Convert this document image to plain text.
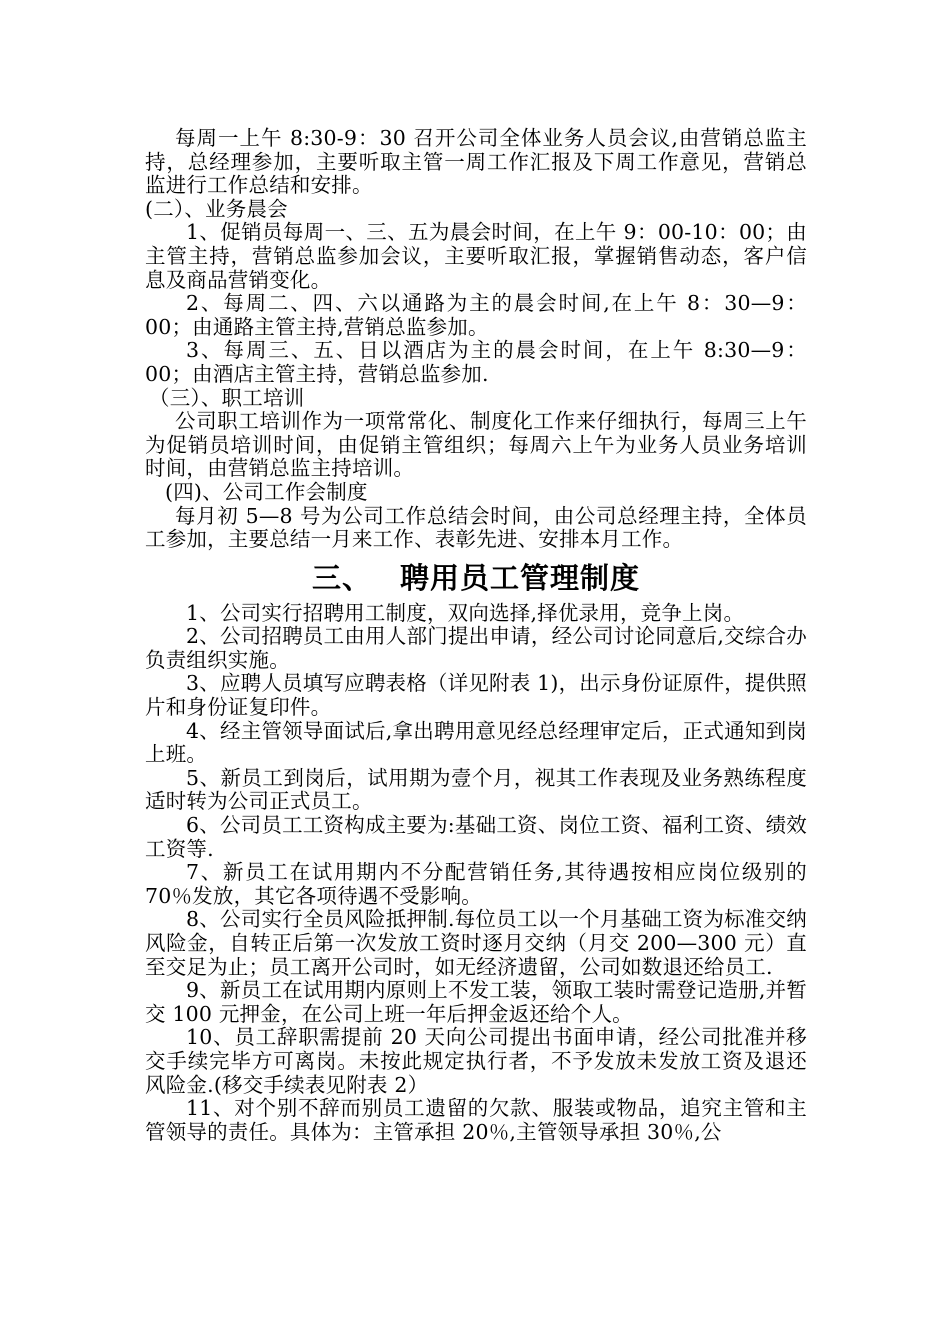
每周一上午 8:30-9：30 召开公司全体业务人员会议,由营销总监主持，总经理参加，主要听取主管一周工作汇报及下周工作意见，营销总监进行工作总结和安排。

(二）、业务晨会

1、促销员每周一、三、五为晨会时间，在上午 9：00-10：00；由主管主持，营销总监参加会议，主要听取汇报，掌握销售动态，客户信息及商品营销变化。

2、每周二、四、六以通路为主的晨会时间,在上午 8：30—9：00；由通路主管主持,营销总监参加。

3、每周三、五、日以酒店为主的晨会时间，在上午 8:30—9：00；由酒店主管主持，营销总监参加.

（三）、职工培训

公司职工培训作为一项常常化、制度化工作来仔细执行，每周三上午为促销员培训时间，由促销主管组织；每周六上午为业务人员业务培训时间，由营销总监主持培训。

(四)、公司工作会制度

每月初 5—8 号为公司工作总结会时间，由公司总经理主持，全体员工参加，主要总结一月来工作、表彰先进、安排本月工作。

三、 聘用员工管理制度

1、公司实行招聘用工制度，双向选择,择优录用，竞争上岗。

2、公司招聘员工由用人部门提出申请，经公司讨论同意后,交综合办负责组织实施。

3、应聘人员填写应聘表格（详见附表 1)，出示身份证原件，提供照片和身份证复印件。

4、经主管领导面试后,拿出聘用意见经总经理审定后，正式通知到岗上班。

5、新员工到岗后，试用期为壹个月，视其工作表现及业务熟练程度适时转为公司正式员工。

6、公司员工工资构成主要为:基础工资、岗位工资、福利工资、绩效工资等.

7、新员工在试用期内不分配营销任务,其待遇按相应岗位级别的 70％发放，其它各项待遇不受影响。

8、公司实行全员风险抵押制.每位员工以一个月基础工资为标准交纳风险金，自转正后第一次发放工资时逐月交纳（月交 200—300 元）直至交足为止；员工离开公司时，如无经济遗留，公司如数退还给员工.

9、新员工在试用期内原则上不发工装，领取工装时需登记造册,并暂交 100 元押金，在公司上班一年后押金返还给个人。

10、员工辞职需提前 20 天向公司提出书面申请，经公司批准并移交手续完毕方可离岗。未按此规定执行者，不予发放未发放工资及退还风险金.(移交手续表见附表 2）

11、对个别不辞而别员工遗留的欠款、服装或物品，追究主管和主管领导的责任。具体为：主管承担 20％,主管领导承担 30％,公
